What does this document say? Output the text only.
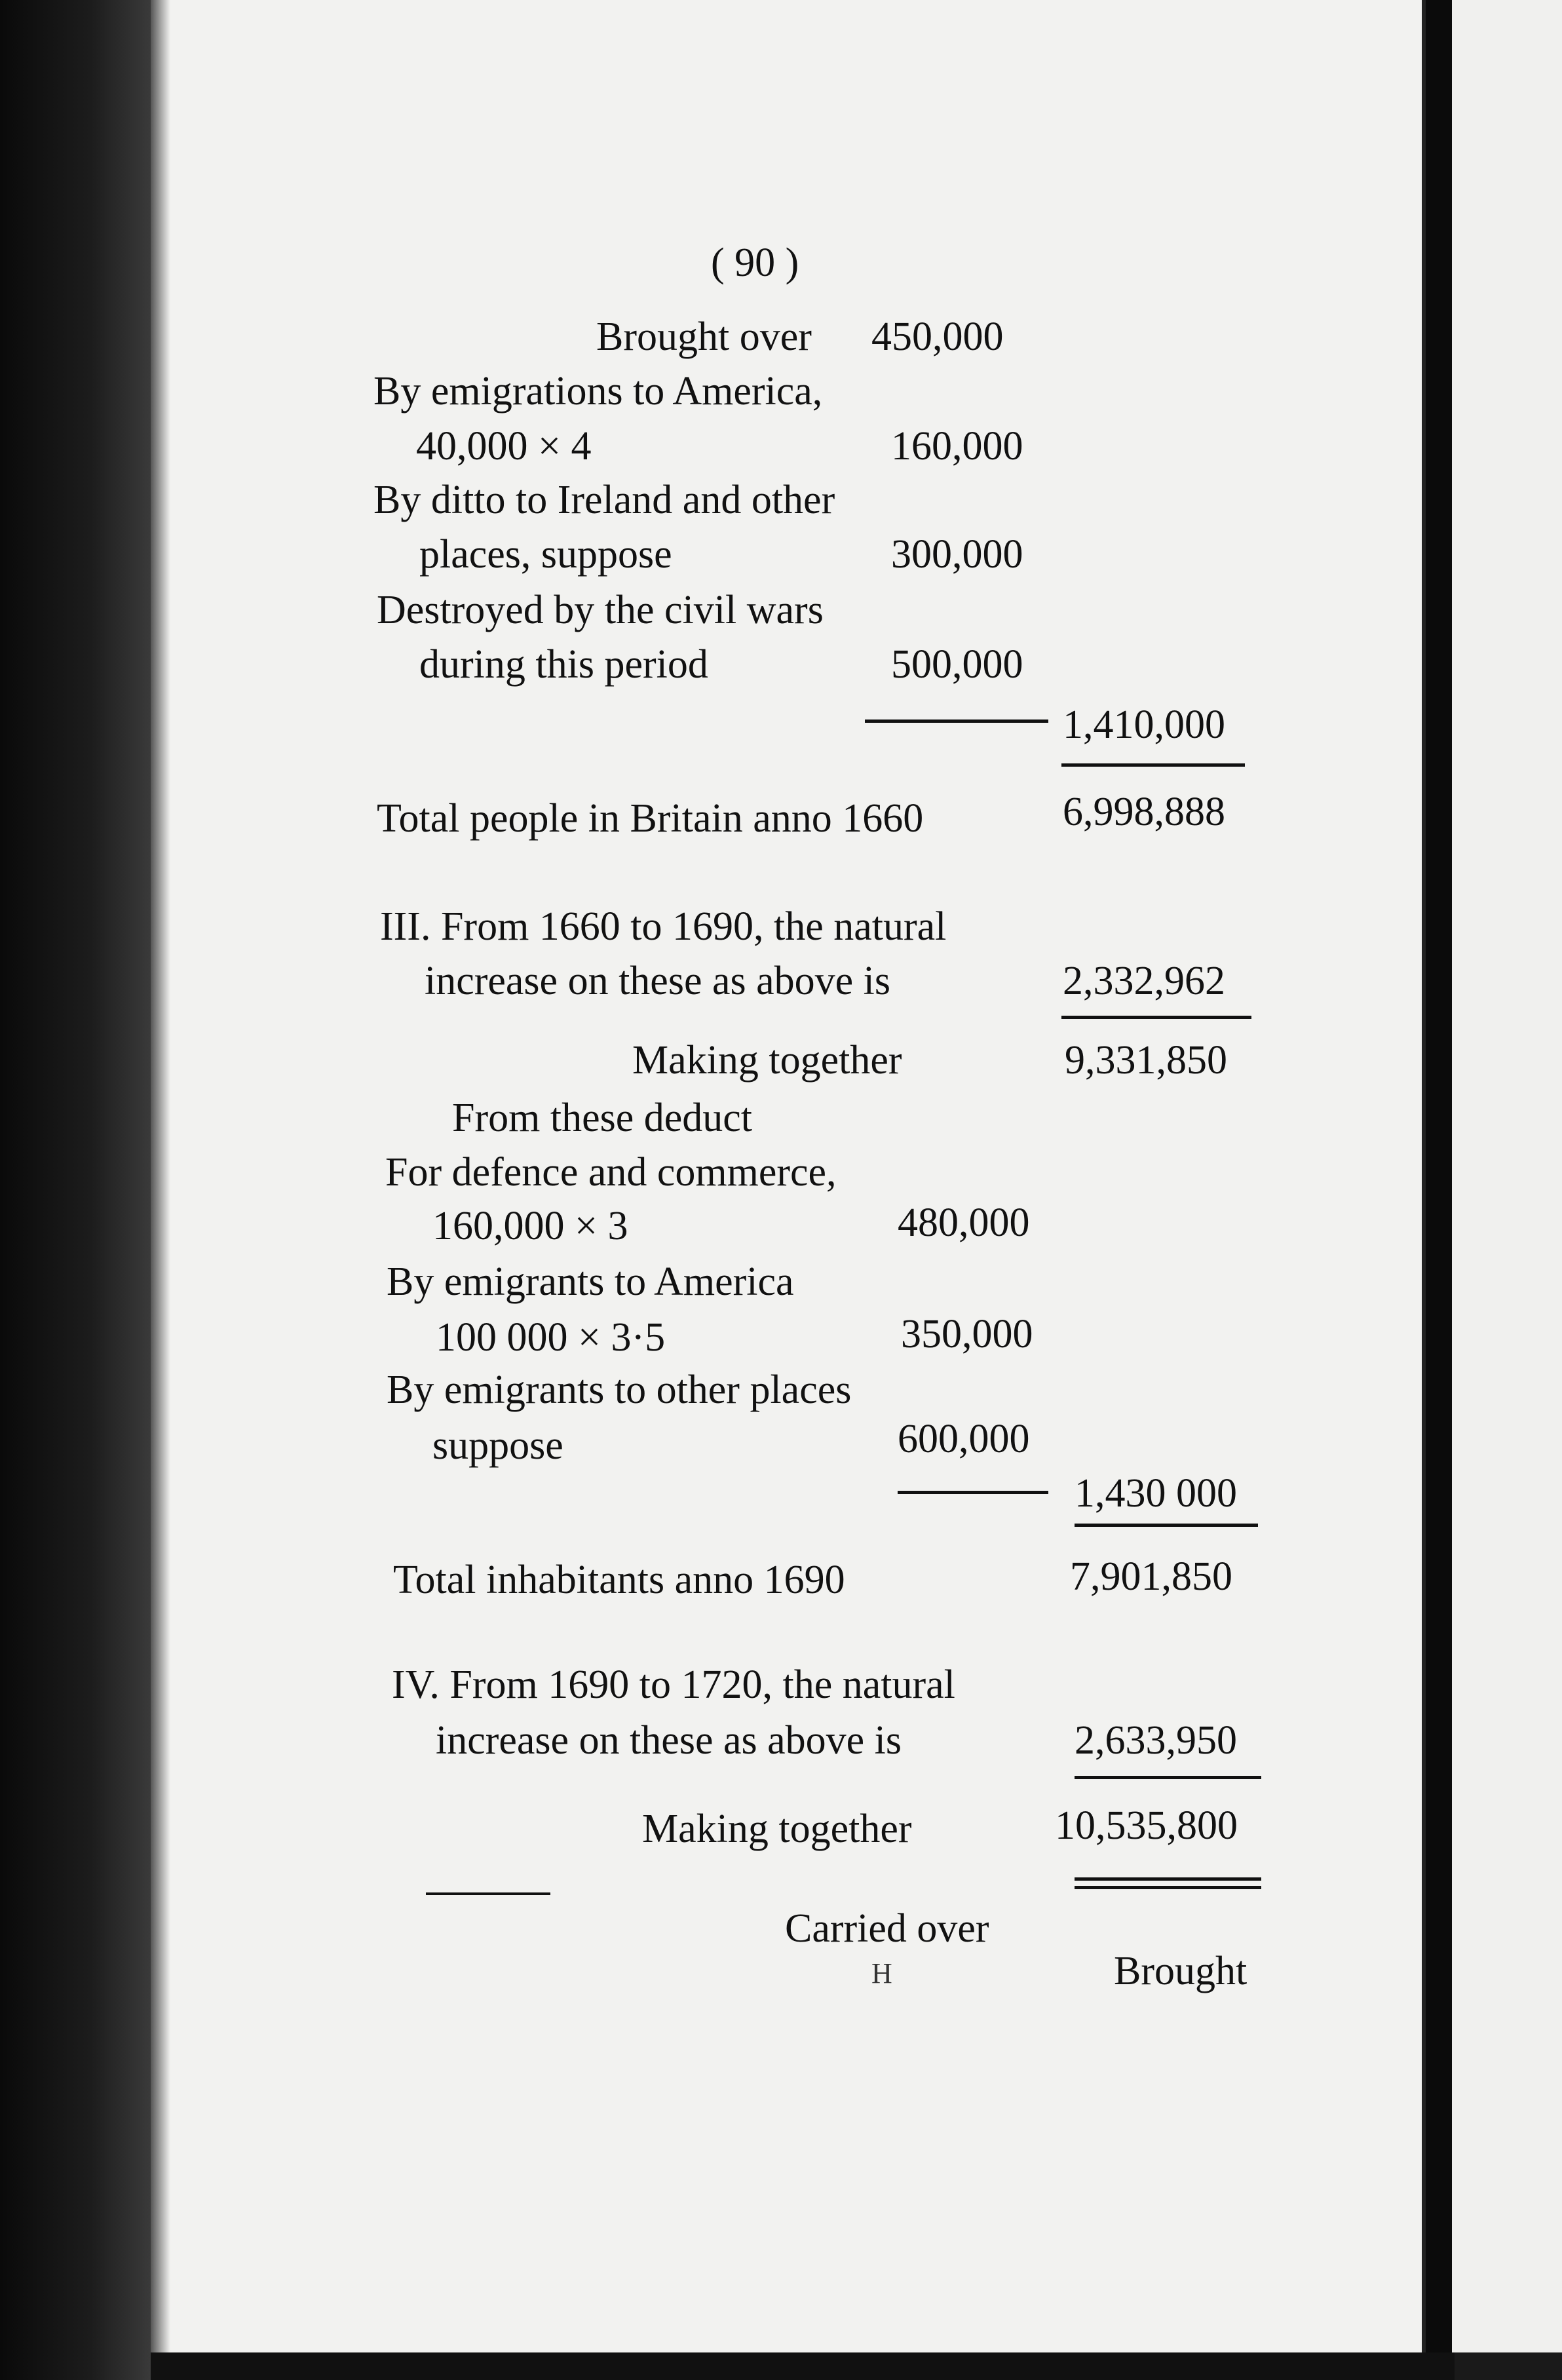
( 90 )
Brought over 450,000
By emigrations to America,
40,000 × 4	160,000
By ditto to Ireland and other
places, suppose	300,000
Destroyed by the civil wars
during this period	500,000
1,410,000
Total people in Britain anno 1660	6,998,888
III. From 1660 to 1690, the natural
increase on these as above is	2,332,962
Making together	9,331,850
From these deduct
For defence and commerce,
160,000 × 3	480,000
By emigrants to America
100 000 × 3·5	350,000
By emigrants to other places
suppose	600,000
1,430 000
Total inhabitants anno 1690	7,901,850
IV. From 1690 to 1720, the natural
increase on these as above is	2,633,950
Making together	10,535,800
Carried over
H	Brought
